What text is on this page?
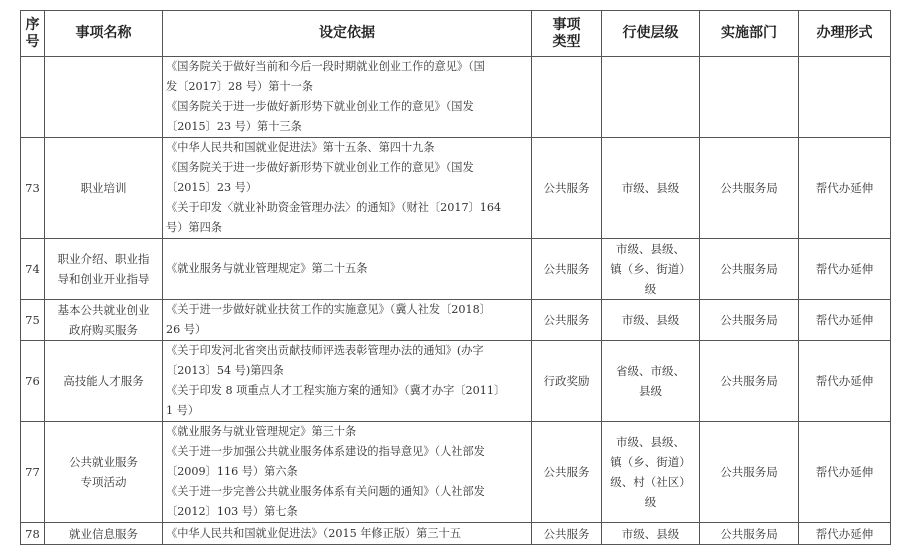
序
号	事项名称	设定依据	事项
类型	行使层级	实施部门	办理形式

		《国务院关于做好当前和今后一段时期就业创业工作的意见》（国
发〔2017〕28 号）第十一条
《国务院关于进一步做好新形势下就业创业工作的意见》（国发
〔2015〕23 号）第十三条				

73	职业培训	《中华人民共和国就业促进法》第十五条、第四十九条
《国务院关于进一步做好新形势下就业创业工作的意见》（国发
〔2015〕23 号）
《关于印发〈就业补助资金管理办法〉的通知》（财社〔2017〕164
号）第四条	公共服务	市级、县级	公共服务局	帮代办延伸
74	职业介绍、职业指
导和创业开业指导	《就业服务与就业管理规定》第二十五条	公共服务	市级、县级、
镇（乡、街道）
级	公共服务局	帮代办延伸
75	基本公共就业创业
政府购买服务	《关于进一步做好就业扶贫工作的实施意见》（冀人社发〔2018〕
26 号）	公共服务	市级、县级	公共服务局	帮代办延伸
76	高技能人才服务	《关于印发河北省突出贡献技师评选表彰管理办法的通知》(办字
〔2013〕54 号)第四条
《关于印发 8 项重点人才工程实施方案的通知》（冀才办字〔2011〕
1 号）	行政奖励	省级、市级、
县级	公共服务局	帮代办延伸
77	公共就业服务
专项活动	《就业服务与就业管理规定》第三十条
《关于进一步加强公共就业服务体系建设的指导意见》（人社部发
〔2009〕116 号）第六条
《关于进一步完善公共就业服务体系有关问题的通知》（人社部发
〔2012〕103 号）第七条	公共服务	市级、县级、
镇（乡、街道）
级、村（社区）
级	公共服务局	帮代办延伸
78	就业信息服务	《中华人民共和国就业促进法》（2015 年修正版）第三十五	公共服务	市级、县级	公共服务局	帮代办延伸
